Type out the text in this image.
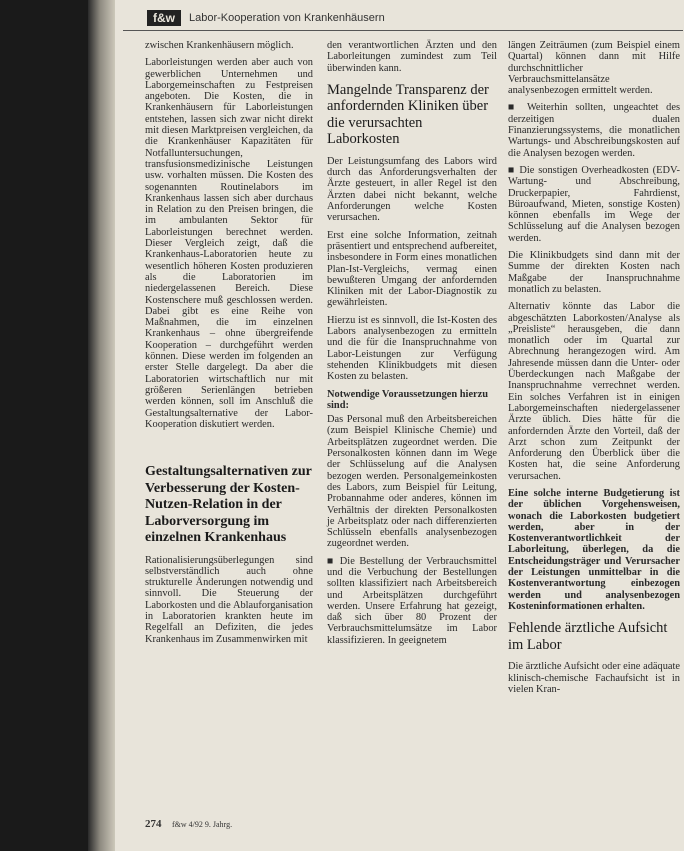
f&w	Labor-Kooperation von Krankenhäusern

zwischen Krankenhäusern möglich.

Laborleistungen werden aber auch von gewerblichen Unternehmen und Laborgemeinschaften zu Festpreisen angeboten. Die Kosten, die in Krankenhäusern für Laborleistungen entstehen, lassen sich zwar nicht direkt mit diesen Marktpreisen vergleichen, da die Krankenhäuser Kapazitäten für Notfalluntersuchungen, transfusionsmedizinische Leistungen usw. vorhalten müssen. Die Kosten des sogenannten Routinelabors im Krankenhaus lassen sich aber durchaus in Relation zu den Preisen bringen, die im ambulanten Sektor für Laborleistungen berechnet werden. Dieser Vergleich zeigt, daß die Krankenhaus-Laboratorien heute zu wesentlich höheren Kosten produzieren als die Laboratorien im niedergelassenen Bereich. Diese Kostenschere muß geschlossen werden. Dabei gibt es eine Reihe von Maßnahmen, die im einzelnen Krankenhaus – ohne übergreifende Kooperation – durchgeführt werden können. Diese werden im folgenden an erster Stelle dargelegt. Da aber die Laboratorien wirtschaftlich nur mit größeren Serienlängen betrieben werden können, soll im Anschluß die Gestaltungsalternative der Labor-Kooperation diskutiert werden.

Gestaltungsalternativen zur Verbesserung der Kosten-Nutzen-Relation in der Laborversorgung im einzelnen Krankenhaus

Rationalisierungsüberlegungen sind selbstverständlich auch ohne strukturelle Änderungen notwendig und sinnvoll. Die Steuerung der Laborkosten und die Ablauforganisation in Laboratorien krankten heute im Regelfall an Defiziten, die jedes Krankenhaus im Zusammenwirken mit

den verantwortlichen Ärzten und den Laborleitungen zumindest zum Teil überwinden kann.

Mangelnde Transparenz der anfordernden Kliniken über die verursachten Laborkosten

Der Leistungsumfang des Labors wird durch das Anforderungsverhalten der Ärzte gesteuert, in aller Regel ist den Ärzten dabei nicht bekannt, welche Anforderungen welche Kosten verursachen.

Erst eine solche Information, zeitnah präsentiert und entsprechend aufbereitet, insbesondere in Form eines monatlichen Plan-Ist-Vergleichs, vermag einen bewußteren Umgang der anfordernden Kliniken mit der Labor-Diagnostik zu gewährleisten.

Hierzu ist es sinnvoll, die Ist-Kosten des Labors analysenbezogen zu ermitteln und die für die Inanspruchnahme von Labor-Leistungen zur Verfügung stehenden Klinikbudgets mit diesen Kosten zu belasten.

Notwendige Voraussetzungen hierzu sind:

Das Personal muß den Arbeitsbereichen (zum Beispiel Klinische Chemie) und Arbeitsplätzen zugeordnet werden. Die Personalkosten können dann im Wege der Schlüsselung auf die Analysen bezogen werden. Personalgemeinkosten des Labors, zum Beispiel für Leitung, Probannahme oder anderes, können im Verhältnis der direkten Personalkosten je Arbeitsplatz oder nach differenzierten Schlüsseln ebenfalls analysenbezogen zugeordnet werden.

■ Die Bestellung der Verbrauchsmittel und die Verbuchung der Bestellungen sollten klassifiziert nach Arbeitsbereich und Arbeitsplätzen durchgeführt werden. Unsere Erfahrung hat gezeigt, daß sich über 80 Prozent der Verbrauchsmittelumsätze im Labor klassifizieren. In geeignetem

längen Zeiträumen (zum Beispiel einem Quartal) können dann mit Hilfe durchschnittlicher Verbrauchsmittelansätze analysenbezogen ermittelt werden.

■ Weiterhin sollten, ungeachtet des derzeitigen dualen Finanzierungssystems, die monatlichen Wartungs- und Abschreibungskosten auf die Analysen bezogen werden.

■ Die sonstigen Overheadkosten (EDV-Wartung- und Abschreibung, Druckerpapier, Fahrdienst, Büroaufwand, Mieten, sonstige Kosten) können ebenfalls im Wege der Schlüsselung auf die Analysen bezogen werden.

Die Klinikbudgets sind dann mit der Summe der direkten Kosten nach Maßgabe der Inanspruchnahme monatlich zu belasten.

Alternativ könnte das Labor die abgeschätzten Laborkosten/Analyse als „Preisliste“ herausgeben, die dann monatlich oder im Quartal zur Abrechnung herangezogen wird. Am Jahresende müssen dann die Unter- oder Überdeckungen nach Maßgabe der Inanspruchnahme verrechnet werden. Ein solches Verfahren ist in einigen Laborgemeinschaften niedergelassener Ärzte üblich. Dies hätte für die anfordernden Ärzte den Vorteil, daß der Arzt schon zum Zeitpunkt der Anforderung den Überblick über die Kosten hat, die seine Anforderung verursachen.

Eine solche interne Budgetierung ist der üblichen Vorgehensweisen, wonach die Laborkosten budgetiert werden, aber in der Kostenverantwortlichkeit der Laborleitung, überlegen, da die Entscheidungsträger und Verursacher der Leistungen unmittelbar in die Kostenverantwortung einbezogen werden und analysenbezogen Kosteninformationen erhalten.

Fehlende ärztliche Aufsicht im Labor

Die ärztliche Aufsicht oder eine adäquate klinisch-chemische Fachaufsicht ist in vielen Kran-

274 f&w 4/92 9. Jahrg.
